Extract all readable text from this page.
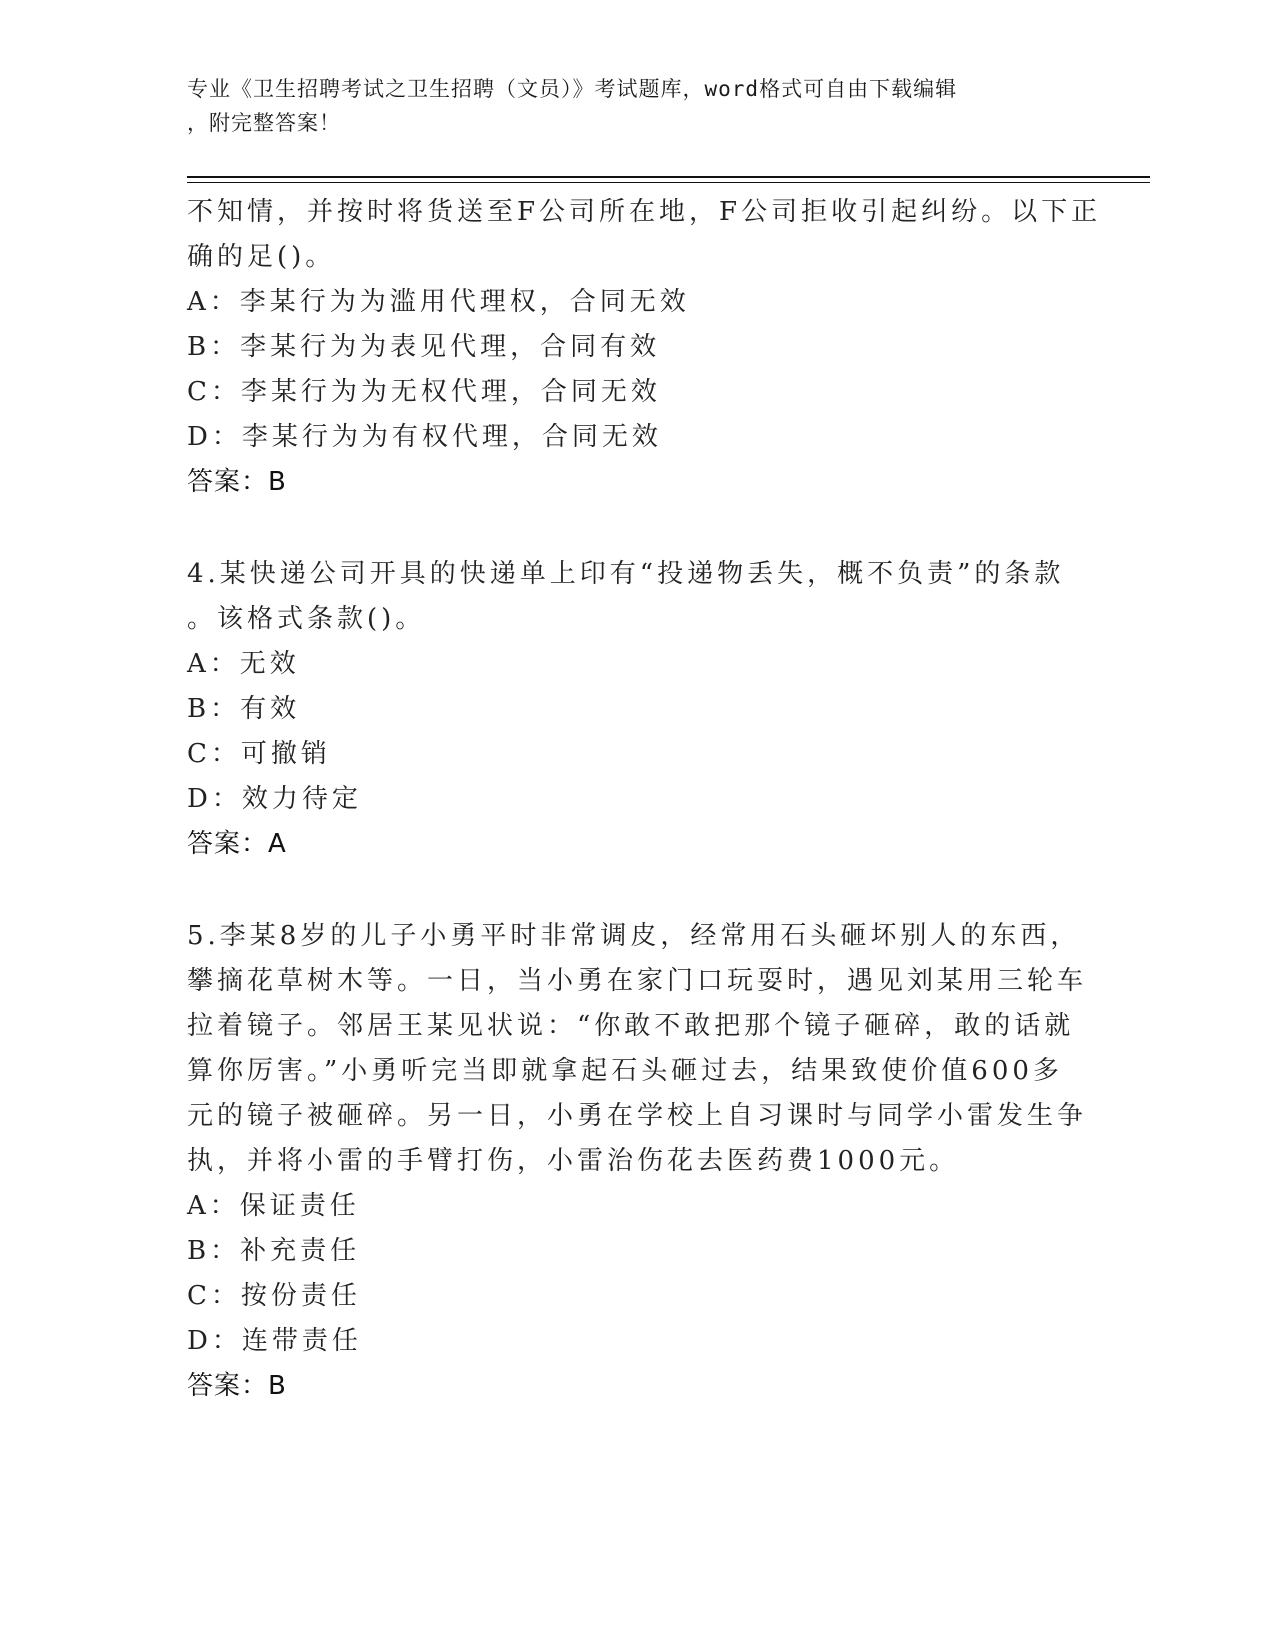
专业《卫生招聘考试之卫生招聘（文员）》考试题库，word格式可自由下载编辑
，附完整答案！
不知情，并按时将货送至F公司所在地，F公司拒收引起纠纷。以下正
确的足()。
A：李某行为为滥用代理权，合同无效
B：李某行为为表见代理，合同有效
C：李某行为为无权代理，合同无效
D：李某行为为有权代理，合同无效
答案：B
4.某快递公司开具的快递单上印有“投递物丢失，概不负责”的条款
。该格式条款()。
A：无效
B：有效
C：可撤销
D：效力待定
答案：A
5.李某8岁的儿子小勇平时非常调皮，经常用石头砸坏别人的东西，
攀摘花草树木等。一日，当小勇在家门口玩耍时，遇见刘某用三轮车
拉着镜子。邻居王某见状说：“你敢不敢把那个镜子砸碎，敢的话就
算你厉害。”小勇听完当即就拿起石头砸过去，结果致使价值600多
元的镜子被砸碎。另一日，小勇在学校上自习课时与同学小雷发生争
执，并将小雷的手臂打伤，小雷治伤花去医药费1000元。
A：保证责任
B：补充责任
C：按份责任
D：连带责任
答案：B
